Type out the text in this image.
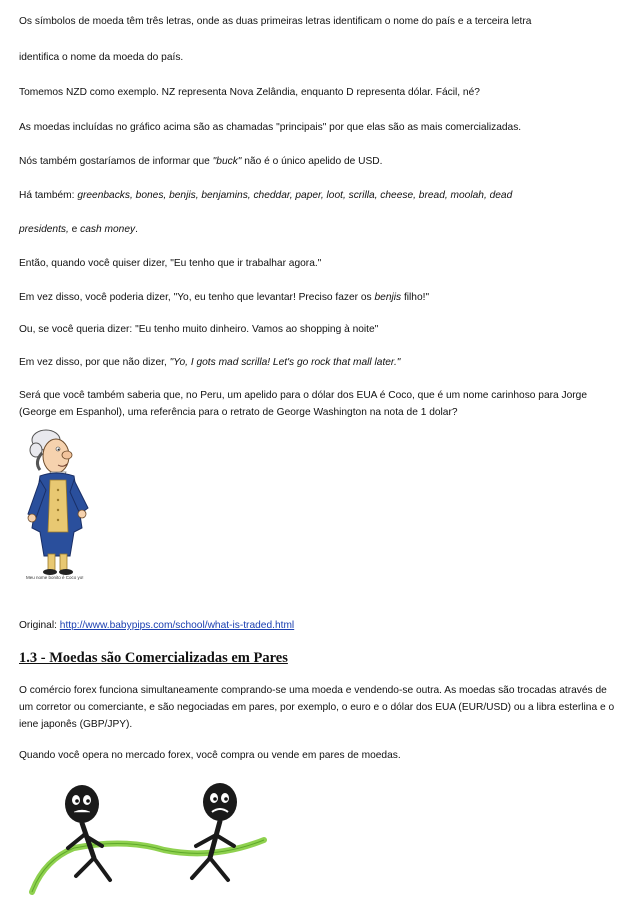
Os símbolos de moeda têm três letras, onde as duas primeiras letras identificam o nome do país e a terceira letra
identifica o nome da moeda do país.
Tomemos NZD como exemplo. NZ representa Nova Zelândia, enquanto D representa dólar. Fácil, né?
As moedas incluídas no gráfico acima são as chamadas "principais" por que elas são as mais comercializadas.
Nós também gostaríamos de informar que "buck" não é o único apelido de USD.
Há também: greenbacks, bones, benjis, benjamins, cheddar, paper, loot, scrilla, cheese, bread, moolah, dead
presidents, e cash money.
Então, quando você quiser dizer, "Eu tenho que ir trabalhar agora."
Em vez disso, você poderia dizer, "Yo, eu tenho que levantar! Preciso fazer os benjis filho!"
Ou, se você queria dizer: "Eu tenho muito dinheiro. Vamos ao shopping à noite"
Em vez disso, por que não dizer, "Yo, I gots mad scrilla! Let's go rock that mall later."
Será que você também saberia que, no Peru, um apelido para o dólar dos EUA é Coco, que é um nome carinhoso para Jorge (George em Espanhol), uma referência para o retrato de George Washington na nota de 1 dolar?
Meu nome bonito é Coco yo!
Original: http://www.babypips.com/school/what-is-traded.html
1.3 - Moedas são Comercializadas em Pares
O comércio forex funciona simultaneamente comprando-se uma moeda e vendendo-se outra. As moedas são trocadas através de um corretor ou comerciante, e são negociadas em pares, por exemplo, o euro e o dólar dos EUA (EUR/USD) ou a libra esterlina e o iene japonês (GBP/JPY).
Quando você opera no mercado forex, você compra ou vende em pares de moedas.
